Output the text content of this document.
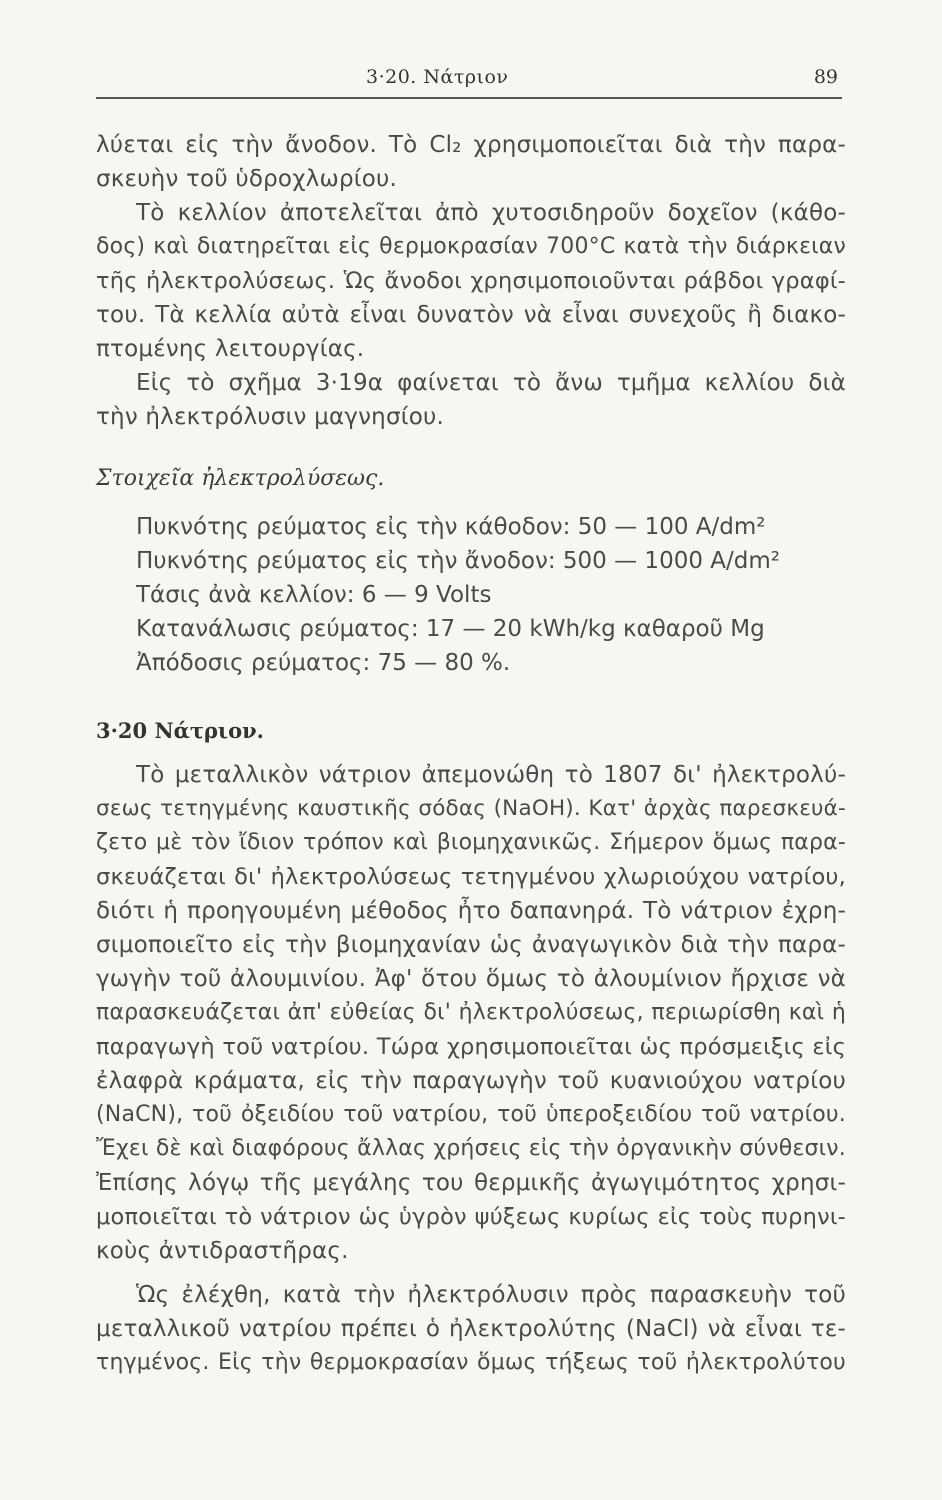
3·20. Νάτριον	89
λύεται εἰς τὴν ἄνοδον. Τὸ Cl₂ χρησιμοποιεῖται διὰ τὴν παρα-
σκευὴν τοῦ ὑδροχλωρίου.
Τὸ κελλίον ἀποτελεῖται ἀπὸ χυτοσιδηροῦν δοχεῖον (κάθο-
δος) καὶ διατηρεῖται εἰς θερμοκρασίαν 700°C κατὰ τὴν διάρκειαν
τῆς ἠλεκτρολύσεως. Ὡς ἄνοδοι χρησιμοποιοῦνται ράβδοι γραφί-
του. Τὰ κελλία αὐτὰ εἶναι δυνατὸν νὰ εἶναι συνεχοῦς ἢ διακο-
πτομένης λειτουργίας.
Εἰς τὸ σχῆμα 3·19α φαίνεται τὸ ἄνω τμῆμα κελλίου διὰ
τὴν ἠλεκτρόλυσιν μαγνησίου.
Στοιχεῖα ἠλεκτρολύσεως.
Πυκνότης ρεύματος εἰς τὴν κάθοδον: 50 — 100 A/dm²
Πυκνότης ρεύματος εἰς τὴν ἄνοδον: 500 — 1000 A/dm²
Τάσις ἀνὰ κελλίον: 6 — 9 Volts
Κατανάλωσις ρεύματος: 17 — 20 kWh/kg καθαροῦ Mg
Ἀπόδοσις ρεύματος: 75 — 80 %.
3·20 Νάτριον.
Τὸ μεταλλικὸν νάτριον ἀπεμονώθη τὸ 1807 δι' ἠλεκτρολύ-
σεως τετηγμένης καυστικῆς σόδας (NaOH). Κατ' ἀρχὰς παρεσκευά-
ζετο μὲ τὸν ἴδιον τρόπον καὶ βιομηχανικῶς. Σήμερον ὅμως παρα-
σκευάζεται δι' ἠλεκτρολύσεως τετηγμένου χλωριούχου νατρίου,
διότι ἡ προηγουμένη μέθοδος ἦτο δαπανηρά. Τὸ νάτριον ἐχρη-
σιμοποιεῖτο εἰς τὴν βιομηχανίαν ὡς ἀναγωγικὸν διὰ τὴν παρα-
γωγὴν τοῦ ἀλουμινίου. Ἀφ' ὅτου ὅμως τὸ ἀλουμίνιον ἤρχισε νὰ
παρασκευάζεται ἀπ' εὐθείας δι' ἠλεκτρολύσεως, περιωρίσθη καὶ ἡ
παραγωγὴ τοῦ νατρίου. Τώρα χρησιμοποιεῖται ὡς πρόσμειξις εἰς
ἐλαφρὰ κράματα, εἰς τὴν παραγωγὴν τοῦ κυανιούχου νατρίου
(NaCN), τοῦ ὀξειδίου τοῦ νατρίου, τοῦ ὑπεροξειδίου τοῦ νατρίου.
Ἔχει δὲ καὶ διαφόρους ἄλλας χρήσεις εἰς τὴν ὀργανικὴν σύνθεσιν.
Ἐπίσης λόγῳ τῆς μεγάλης του θερμικῆς ἀγωγιμότητος χρησι-
μοποιεῖται τὸ νάτριον ὡς ὑγρὸν ψύξεως κυρίως εἰς τοὺς πυρηνι-
κοὺς ἀντιδραστῆρας.
Ὡς ἐλέχθη, κατὰ τὴν ἠλεκτρόλυσιν πρὸς παρασκευὴν τοῦ
μεταλλικοῦ νατρίου πρέπει ὁ ἠλεκτρολύτης (NaCl) νὰ εἶναι τε-
τηγμένος. Εἰς τὴν θερμοκρασίαν ὅμως τήξεως τοῦ ἠλεκτρολύτου
